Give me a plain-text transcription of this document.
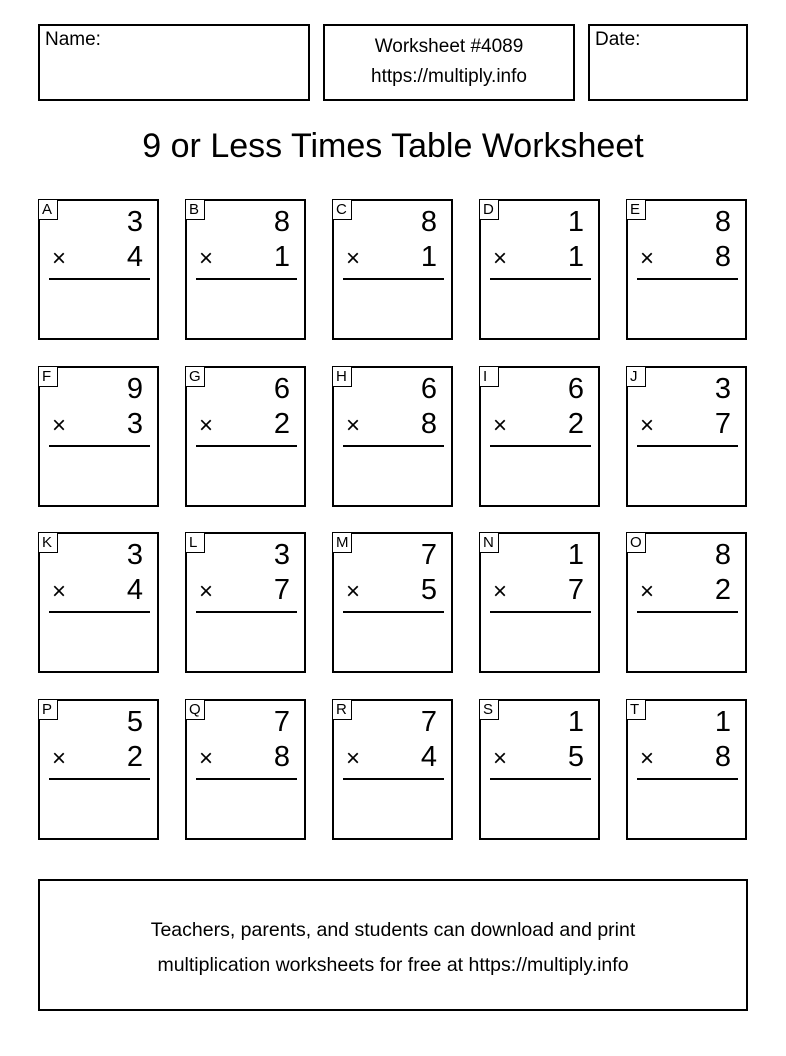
Name:	Worksheet #4089
https://multiply.info
Date:
9 or Less Times Table Worksheet
A	3
× 4
B	8
× 1
C	8
× 1
D	1
× 1
E	8
× 8
F	9
× 3
G	6
× 2
H	6
× 8
I	6
× 2
J	3
× 7
K	3
× 4
L	3
× 7
M 7
× 5
N	1
× 7
O	8
× 2
P	5
× 2
Q	7
× 8
R	7
× 4
S	1
× 5
T	1
× 8
Teachers, parents, and students can download and print
multiplication worksheets for free at https://multiply.info
